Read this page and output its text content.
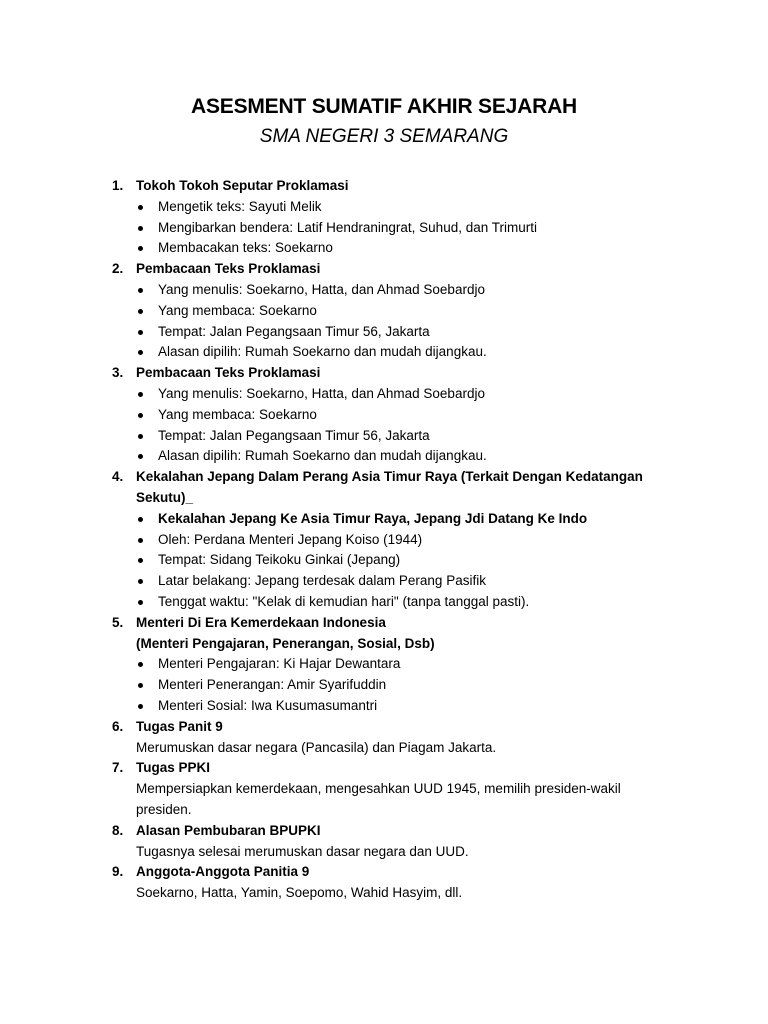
ASESMENT SUMATIF AKHIR SEJARAH
SMA NEGERI 3 SEMARANG
1. Tokoh Tokoh Seputar Proklamasi
Mengetik teks: Sayuti Melik
Mengibarkan bendera: Latif Hendraningrat, Suhud, dan Trimurti
Membacakan teks: Soekarno
2. Pembacaan Teks Proklamasi
Yang menulis: Soekarno, Hatta, dan Ahmad Soebardjo
Yang membaca: Soekarno
Tempat: Jalan Pegangsaan Timur 56, Jakarta
Alasan dipilih: Rumah Soekarno dan mudah dijangkau.
3. Pembacaan Teks Proklamasi
Yang menulis: Soekarno, Hatta, dan Ahmad Soebardjo
Yang membaca: Soekarno
Tempat: Jalan Pegangsaan Timur 56, Jakarta
Alasan dipilih: Rumah Soekarno dan mudah dijangkau.
4. Kekalahan Jepang Dalam Perang Asia Timur Raya (Terkait Dengan Kedatangan Sekutu)_
Kekalahan Jepang Ke Asia Timur Raya, Jepang Jdi Datang Ke Indo
Oleh: Perdana Menteri Jepang Koiso (1944)
Tempat: Sidang Teikoku Ginkai (Jepang)
Latar belakang: Jepang terdesak dalam Perang Pasifik
Tenggat waktu: "Kelak di kemudian hari" (tanpa tanggal pasti).
5. Menteri Di Era Kemerdekaan Indonesia
(Menteri Pengajaran, Penerangan, Sosial, Dsb)
Menteri Pengajaran: Ki Hajar Dewantara
Menteri Penerangan: Amir Syarifuddin
Menteri Sosial: Iwa Kusumasumantri
6. Tugas Panit 9
Merumuskan dasar negara (Pancasila) dan Piagam Jakarta.
7. Tugas PPKI
Mempersiapkan kemerdekaan, mengesahkan UUD 1945, memilih presiden-wakil presiden.
8. Alasan Pembubaran BPUPKI
Tugasnya selesai merumuskan dasar negara dan UUD.
9. Anggota-Anggota Panitia 9
Soekarno, Hatta, Yamin, Soepomo, Wahid Hasyim, dll.
